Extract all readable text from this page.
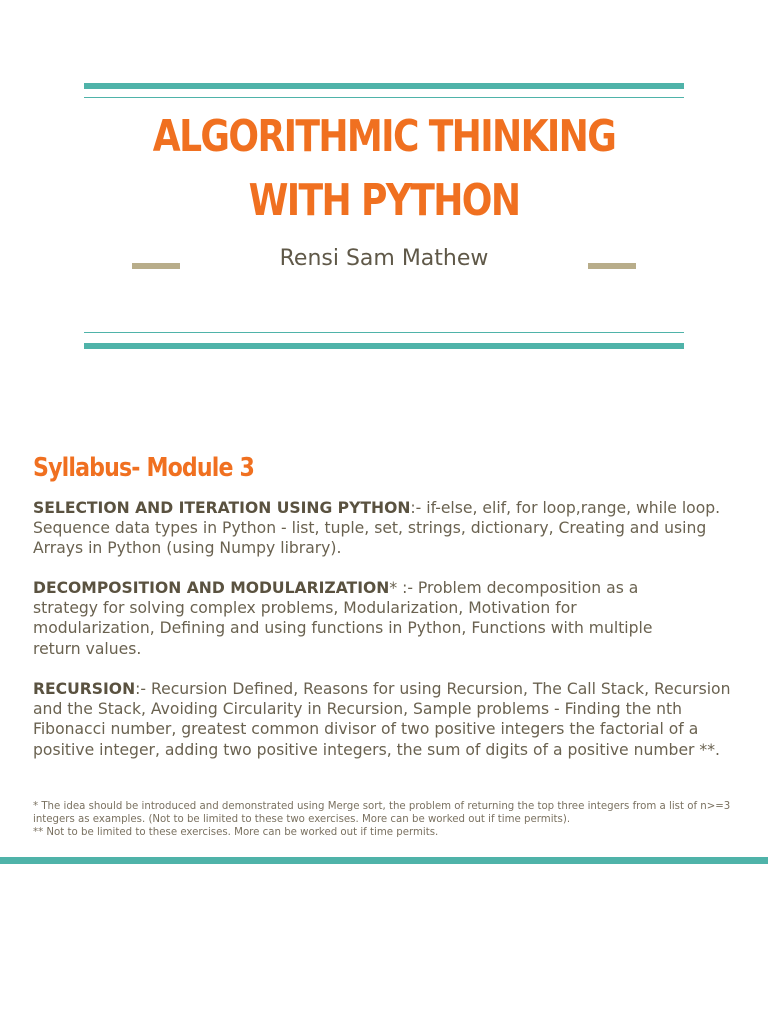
ALGORITHMIC THINKING WITH PYTHON
Rensi Sam Mathew
Syllabus- Module 3
SELECTION AND ITERATION USING PYTHON:- if-else, elif, for loop,range, while loop. Sequence data types in Python - list, tuple, set, strings, dictionary, Creating and using Arrays in Python (using Numpy library).
DECOMPOSITION AND MODULARIZATION* :- Problem decomposition as a strategy for solving complex problems, Modularization, Motivation for modularization, Defining and using functions in Python, Functions with multiple return values.
RECURSION:- Recursion Defined, Reasons for using Recursion, The Call Stack, Recursion and the Stack, Avoiding Circularity in Recursion, Sample problems - Finding the nth Fibonacci number, greatest common divisor of two positive integers the factorial of a positive integer, adding two positive integers, the sum of digits of a positive number **.
* The idea should be introduced and demonstrated using Merge sort, the problem of returning the top three integers from a list of n>=3 integers as examples. (Not to be limited to these two exercises. More can be worked out if time permits).
** Not to be limited to these exercises. More can be worked out if time permits.
